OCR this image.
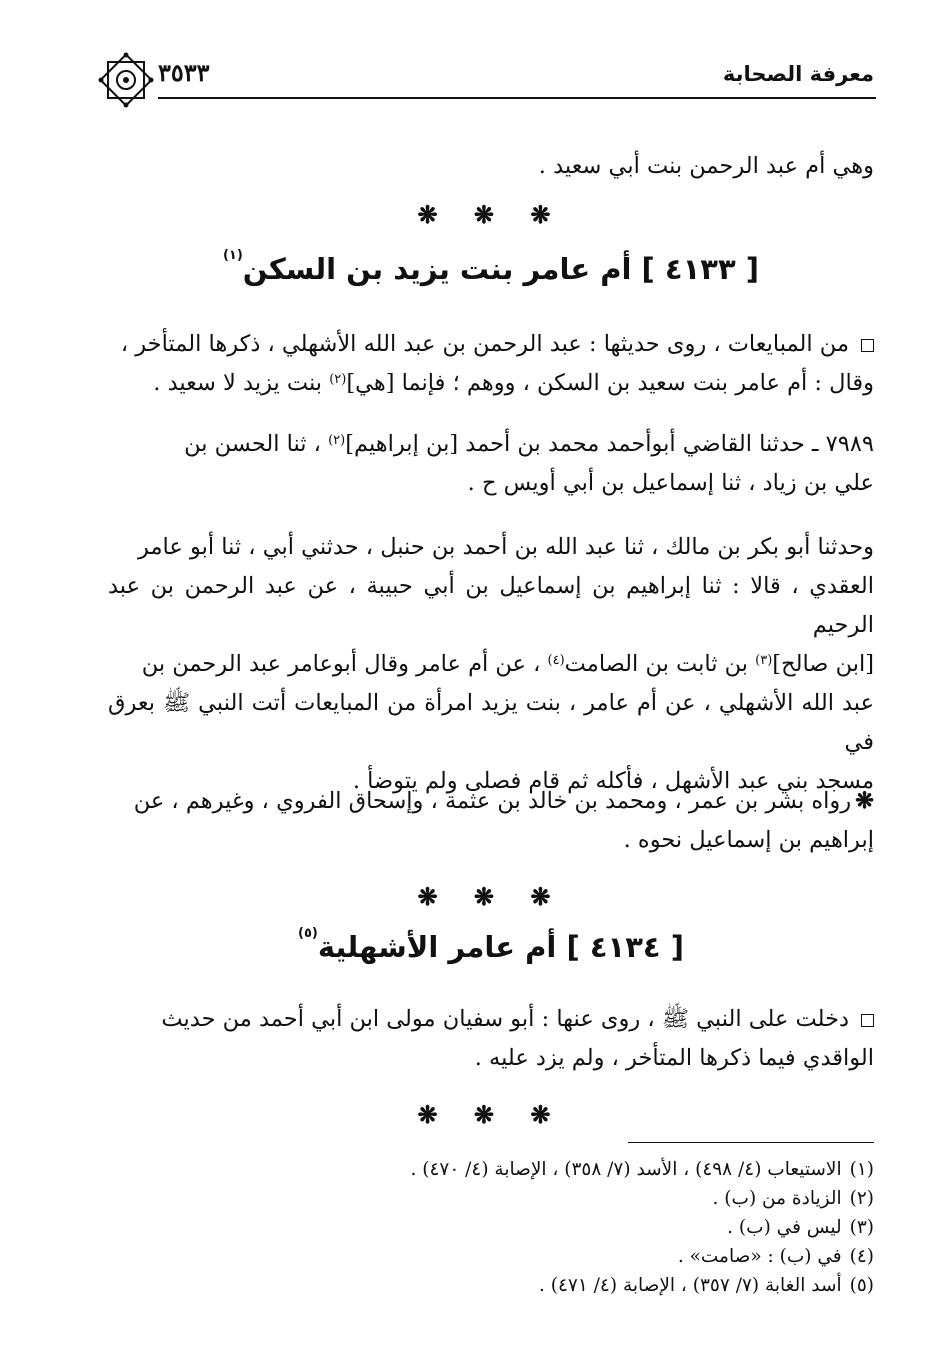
٣٥٣٣	معرفة الصحابة

وهي أم عبد الرحمن بنت أبي سعيد .

❋ ❋ ❋
[ ٤١٣٣ ] أم عامر بنت يزيد بن السكن$^{(١)}$

من المبايعات ، روى حديثها : عبد الرحمن بن عبد الله الأشهلي ، ذكرها المتأخر ،

وقال : أم عامر بنت سعيد بن السكن ، ووهم ؛ فإنما [هي]$^{(٢)}$ بنت يزيد لا سعيد .

٧٩٨٩ ـ حدثنا القاضي أبوأحمد محمد بن أحمد [بن إبراهيم]$^{(٢)}$ ، ثنا الحسن بن

علي بن زياد ، ثنا إسماعيل بن أبي أويس ح .

وحدثنا أبو بكر بن مالك ، ثنا عبد الله بن أحمد بن حنبل ، حدثني أبي ، ثنا أبو عامر

العقدي ، قالا : ثنا إبراهيم بن إسماعيل بن أبي حبيبة ، عن عبد الرحمن بن عبد الرحيم

[ابن صالح]$^{(٣)}$ بن ثابت بن الصامت$^{(٤)}$ ، عن أم عامر وقال أبوعامر عبد الرحمن بن

عبد الله الأشهلي ، عن أم عامر ، بنت يزيد امرأة من المبايعات أتت النبي ﷺ بعرق في

مسجد بني عبد الأشهل ، فأكله ثم قام فصلى ولم يتوضأ .

❋رواه بشر بن عمر ، ومحمد بن خالد بن عثمة ، وإسحاق الفروي ، وغيرهم ، عن

إبراهيم بن إسماعيل نحوه .

❋ ❋ ❋
[ ٤١٣٤ ] أم عامر الأشهلية$^{(٥)}$

دخلت على النبي ﷺ ، روى عنها : أبو سفيان مولى ابن أبي أحمد من حديث

الواقدي فيما ذكرها المتأخر ، ولم يزد عليه .

❋ ❋ ❋
(١)الاستيعاب (٤/ ٤٩٨) ، الأسد (٧/ ٣٥٨) ، الإصابة (٤/ ٤٧٠) .
(٢)الزيادة من (ب) .
(٣)ليس في (ب) .
(٤)في (ب) : «صامت» .
(٥)أسد الغابة (٧/ ٣٥٧) ، الإصابة (٤/ ٤٧١) .
